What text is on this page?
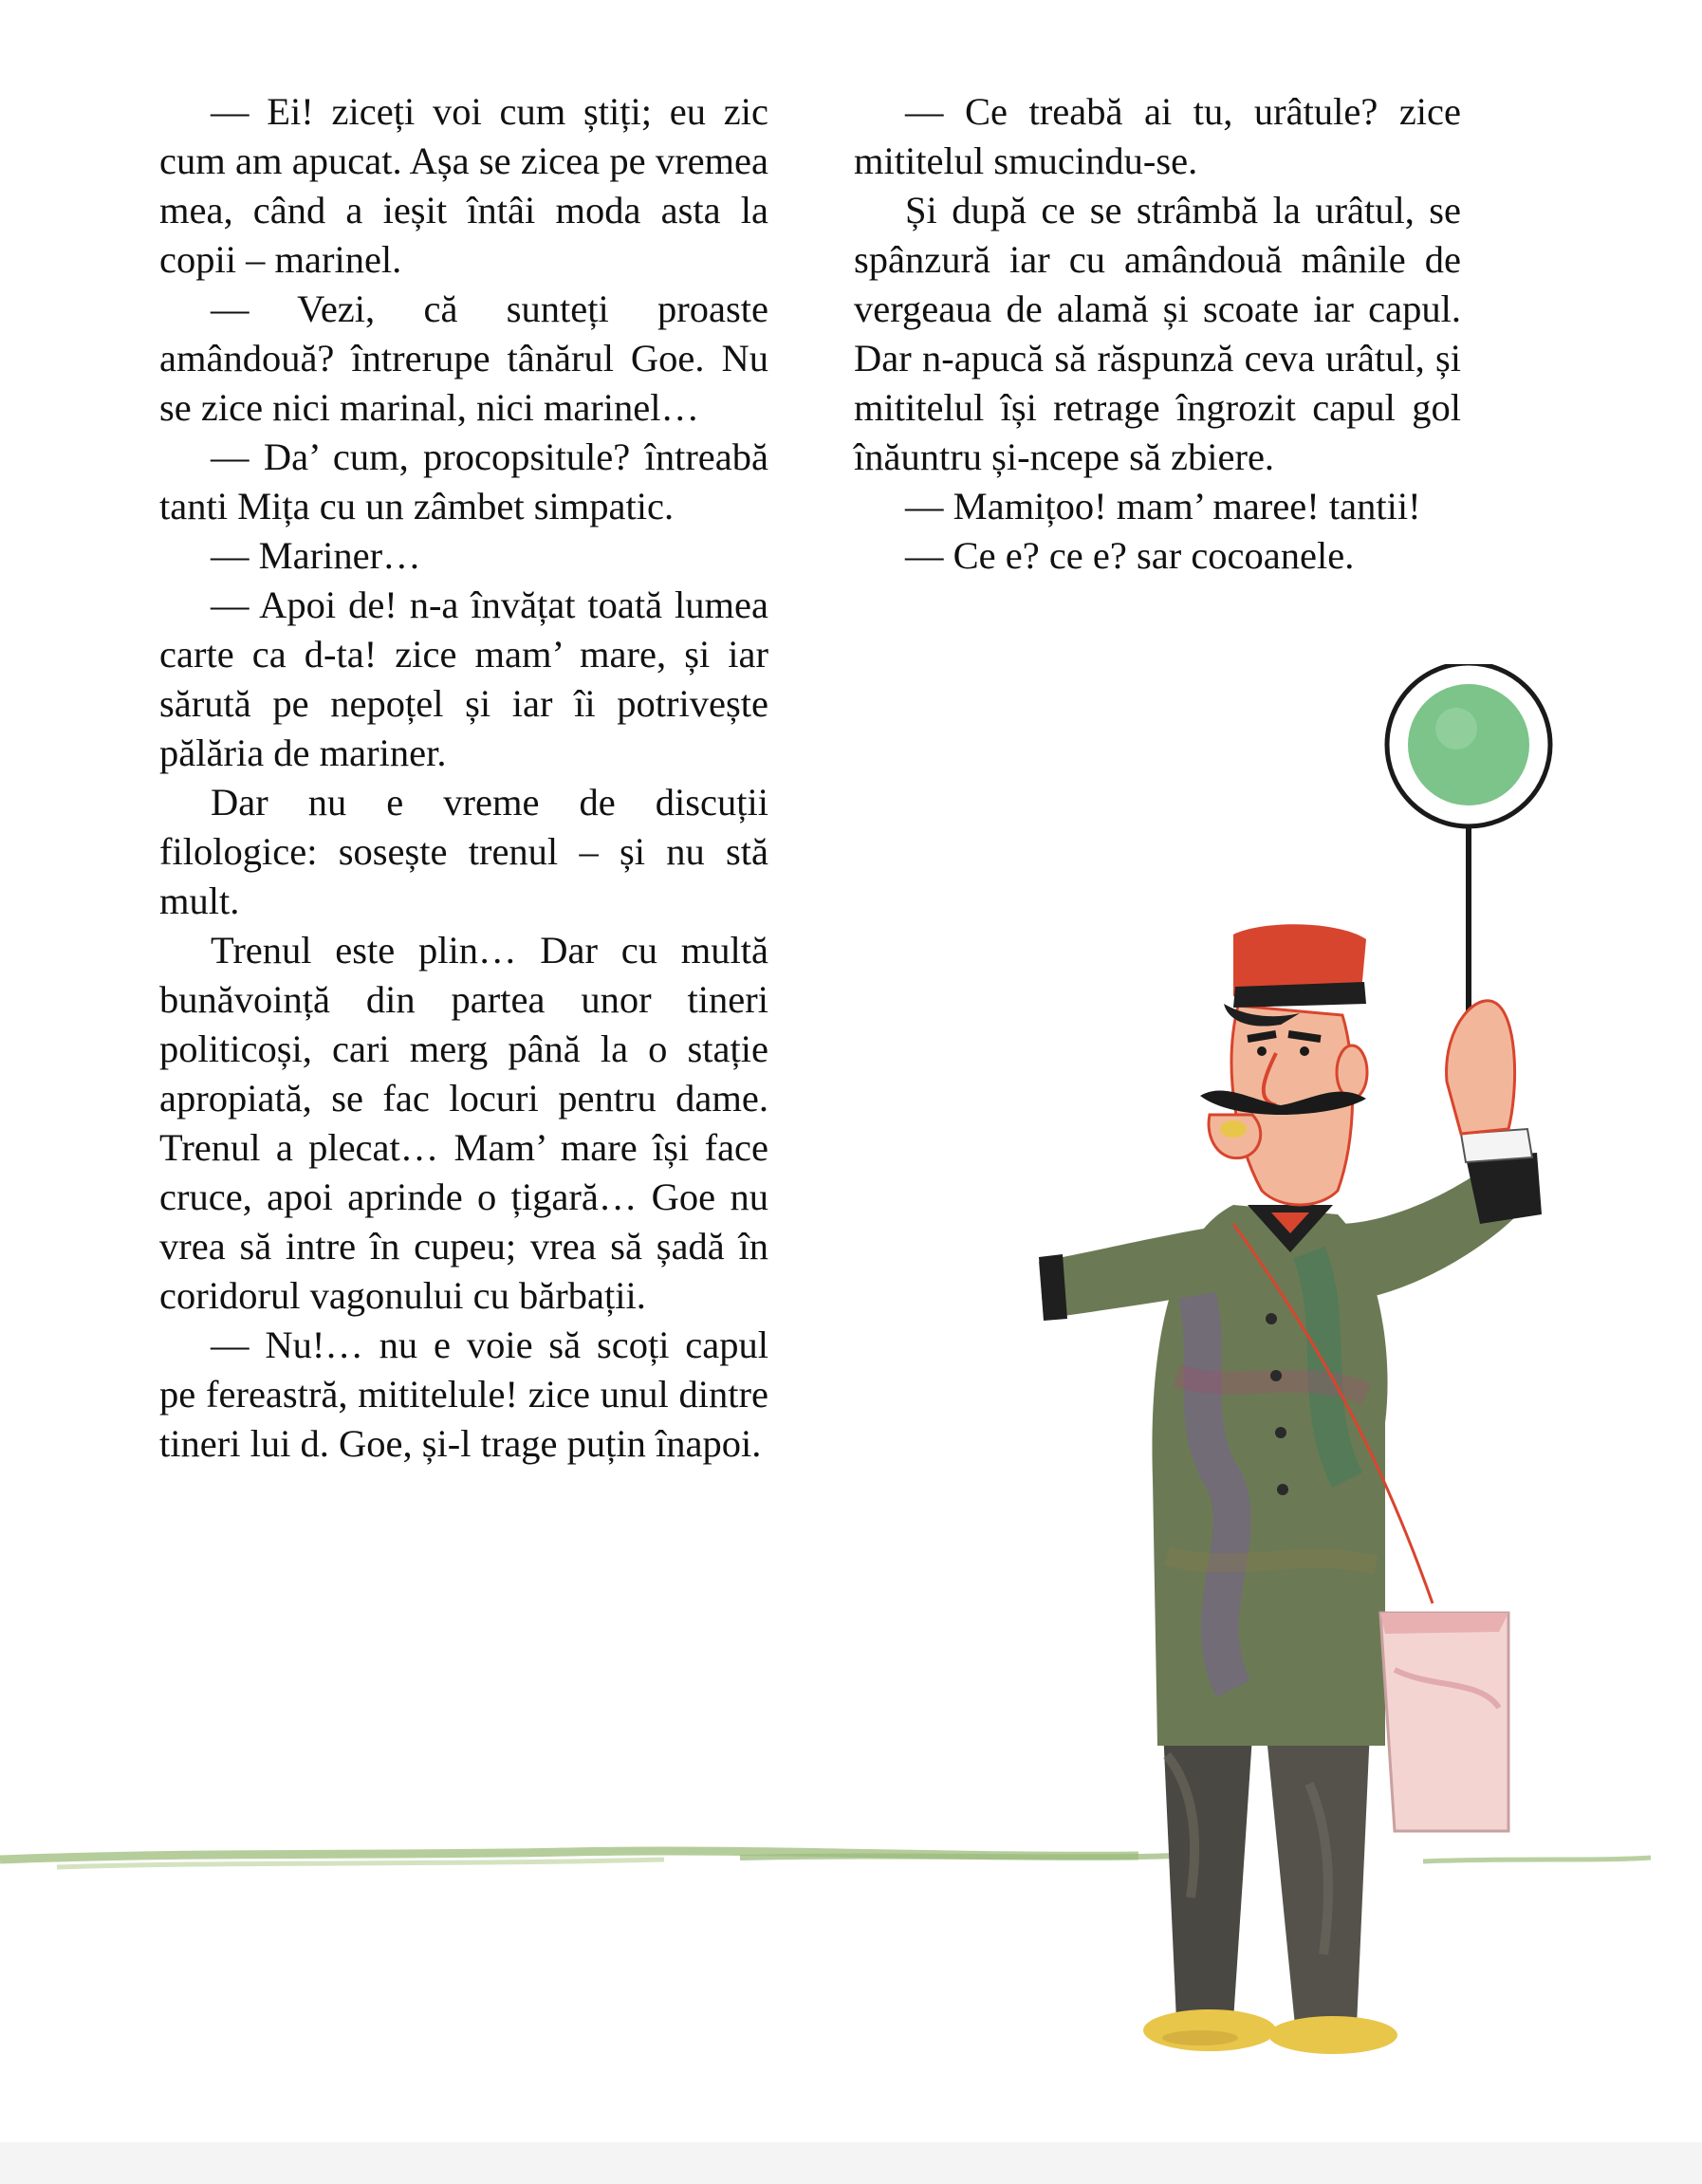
— Ei! ziceți voi cum știți; eu zic cum am apucat. Așa se zicea pe vremea mea, când a ieșit întâi moda asta la copii – marinel.

— Vezi, că sunteți proaste amândouă? întrerupe tânărul Goe. Nu se zice nici marinal, nici marinel…

— Da’ cum, procopsitule? întreabă tanti Mița cu un zâmbet simpatic.

— Mariner…

— Apoi de! n-a învățat toată lumea carte ca d-ta! zice mam’ mare, și iar sărută pe nepoțel și iar îi potrivește pălăria de mariner.

Dar nu e vreme de discuții filologice: sosește trenul – și nu stă mult.

Trenul este plin… Dar cu multă bunăvoință din partea unor tineri politicoși, cari merg până la o stație apropiată, se fac locuri pentru dame. Trenul a plecat… Mam’ mare își face cruce, apoi aprinde o țigară… Goe nu vrea să intre în cupeu; vrea să șadă în coridorul vagonului cu bărbații.

— Nu!… nu e voie să scoți capul pe fereastră, mititelule! zice unul dintre tineri lui d. Goe, și-l trage puțin înapoi.

— Ce treabă ai tu, urâtule? zice mititelul smucindu-se.

Și după ce se strâmbă la urâtul, se spânzură iar cu amândouă mânile de vergeaua de alamă și scoate iar capul. Dar n-apucă să răspunză ceva urâtul, și mititelul își retrage îngrozit capul gol înăuntru și-ncepe să zbiere.

— Mamițoo! mam’ maree! tantii!

— Ce e? ce e? sar cocoanele.
